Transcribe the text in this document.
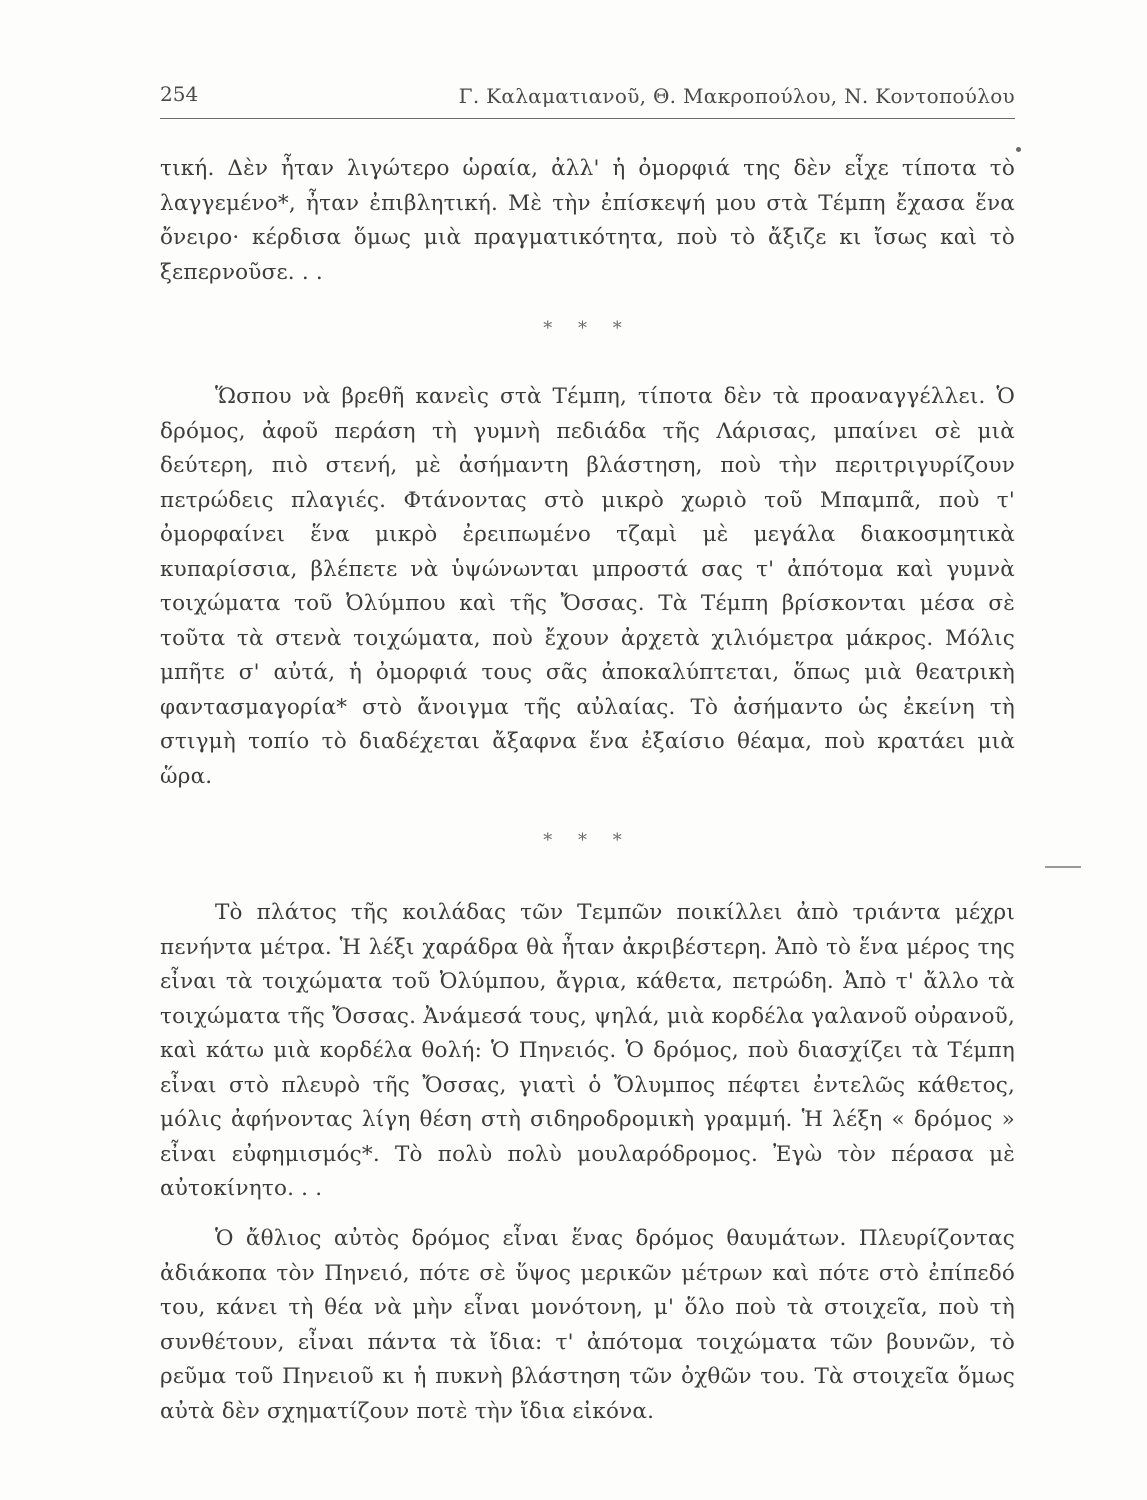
254	Γ. Καλαματιανοῦ, Θ. Μακροπούλου, Ν. Κοντοπούλου

τική. Δὲν ἦταν λιγώτερο ὡραία, ἀλλ' ἡ ὀμορφιά της δὲν εἶχε τίποτα τὸ λαγγεμένο*, ἦταν ἐπιβλητική. Μὲ τὴν ἐπίσκεψή μου στὰ Τέμπη ἔχασα ἕνα ὄνειρο· κέρδισα ὅμως μιὰ πραγματικότητα, ποὺ τὸ ἄξιζε κι ἴσως καὶ τὸ ξεπερνοῦσε. . .

* * *

Ὥσπου νὰ βρεθῆ κανεὶς στὰ Τέμπη, τίποτα δὲν τὰ προαναγγέλλει. Ὁ δρόμος, ἀφοῦ περάση τὴ γυμνὴ πεδιάδα τῆς Λάρισας, μπαίνει σὲ μιὰ δεύτερη, πιὸ στενή, μὲ ἀσήμαντη βλάστηση, ποὺ τὴν περιτριγυρίζουν πετρώδεις πλαγιές. Φτάνοντας στὸ μικρὸ χωριὸ τοῦ Μπαμπᾶ, ποὺ τ' ὀμορφαίνει ἕνα μικρὸ ἐρειπωμένο τζαμὶ μὲ μεγάλα διακοσμητικὰ κυπαρίσσια, βλέπετε νὰ ὑψώνωνται μπροστά σας τ' ἀπότομα καὶ γυμνὰ τοιχώματα τοῦ Ὀλύμπου καὶ τῆς Ὄσσας. Τὰ Τέμπη βρίσκονται μέσα σὲ τοῦτα τὰ στενὰ τοιχώματα, ποὺ ἔχουν ἀρχετὰ χιλιόμετρα μάκρος. Μόλις μπῆτε σ' αὐτά, ἡ ὀμορφιά τους σᾶς ἀποκαλύπτεται, ὅπως μιὰ θεατρικὴ φαντασμαγορία* στὸ ἄνοιγμα τῆς αὐλαίας. Τὸ ἀσήμαντο ὡς ἐκείνη τὴ στιγμὴ τοπίο τὸ διαδέχεται ἄξαφνα ἕνα ἐξαίσιο θέαμα, ποὺ κρατάει μιὰ ὥρα.

* * *

Τὸ πλάτος τῆς κοιλάδας τῶν Τεμπῶν ποικίλλει ἀπὸ τριάντα μέχρι πενήντα μέτρα. Ἡ λέξι χαράδρα θὰ ἦταν ἀκριβέστερη. Ἀπὸ τὸ ἕνα μέρος της εἶναι τὰ τοιχώματα τοῦ Ὀλύμπου, ἄγρια, κάθετα, πετρώδη. Ἀπὸ τ' ἄλλο τὰ τοιχώματα τῆς Ὄσσας. Ἀνάμεσά τους, ψηλά, μιὰ κορδέλα γαλανοῦ οὐρανοῦ, καὶ κάτω μιὰ κορδέλα θολή: Ὁ Πηνειός. Ὁ δρόμος, ποὺ διασχίζει τὰ Τέμπη εἶναι στὸ πλευρὸ τῆς Ὄσσας, γιατὶ ὁ Ὄλυμπος πέφτει ἐντελῶς κάθετος, μόλις ἀφήνοντας λίγη θέση στὴ σιδηροδρομικὴ γραμμή. Ἡ λέξη « δρόμος » εἶναι εὐφημισμός*. Τὸ πολὺ πολὺ μουλαρόδρομος. Ἐγὼ τὸν πέρασα μὲ αὐτοκίνητο. . .

Ὁ ἄθλιος αὐτὸς δρόμος εἶναι ἕνας δρόμος θαυμάτων. Πλευρίζοντας ἀδιάκοπα τὸν Πηνειό, πότε σὲ ὕψος μερικῶν μέτρων καὶ πότε στὸ ἐπίπεδό του, κάνει τὴ θέα νὰ μὴν εἶναι μονότονη, μ' ὅλο ποὺ τὰ στοιχεῖα, ποὺ τὴ συνθέτουν, εἶναι πάντα τὰ ἴδια: τ' ἀπότομα τοιχώματα τῶν βουνῶν, τὸ ρεῦμα τοῦ Πηνειοῦ κι ἡ πυκνὴ βλάστηση τῶν ὀχθῶν του. Τὰ στοιχεῖα ὅμως αὐτὰ δὲν σχηματίζουν ποτὲ τὴν ἴδια εἰκόνα.
